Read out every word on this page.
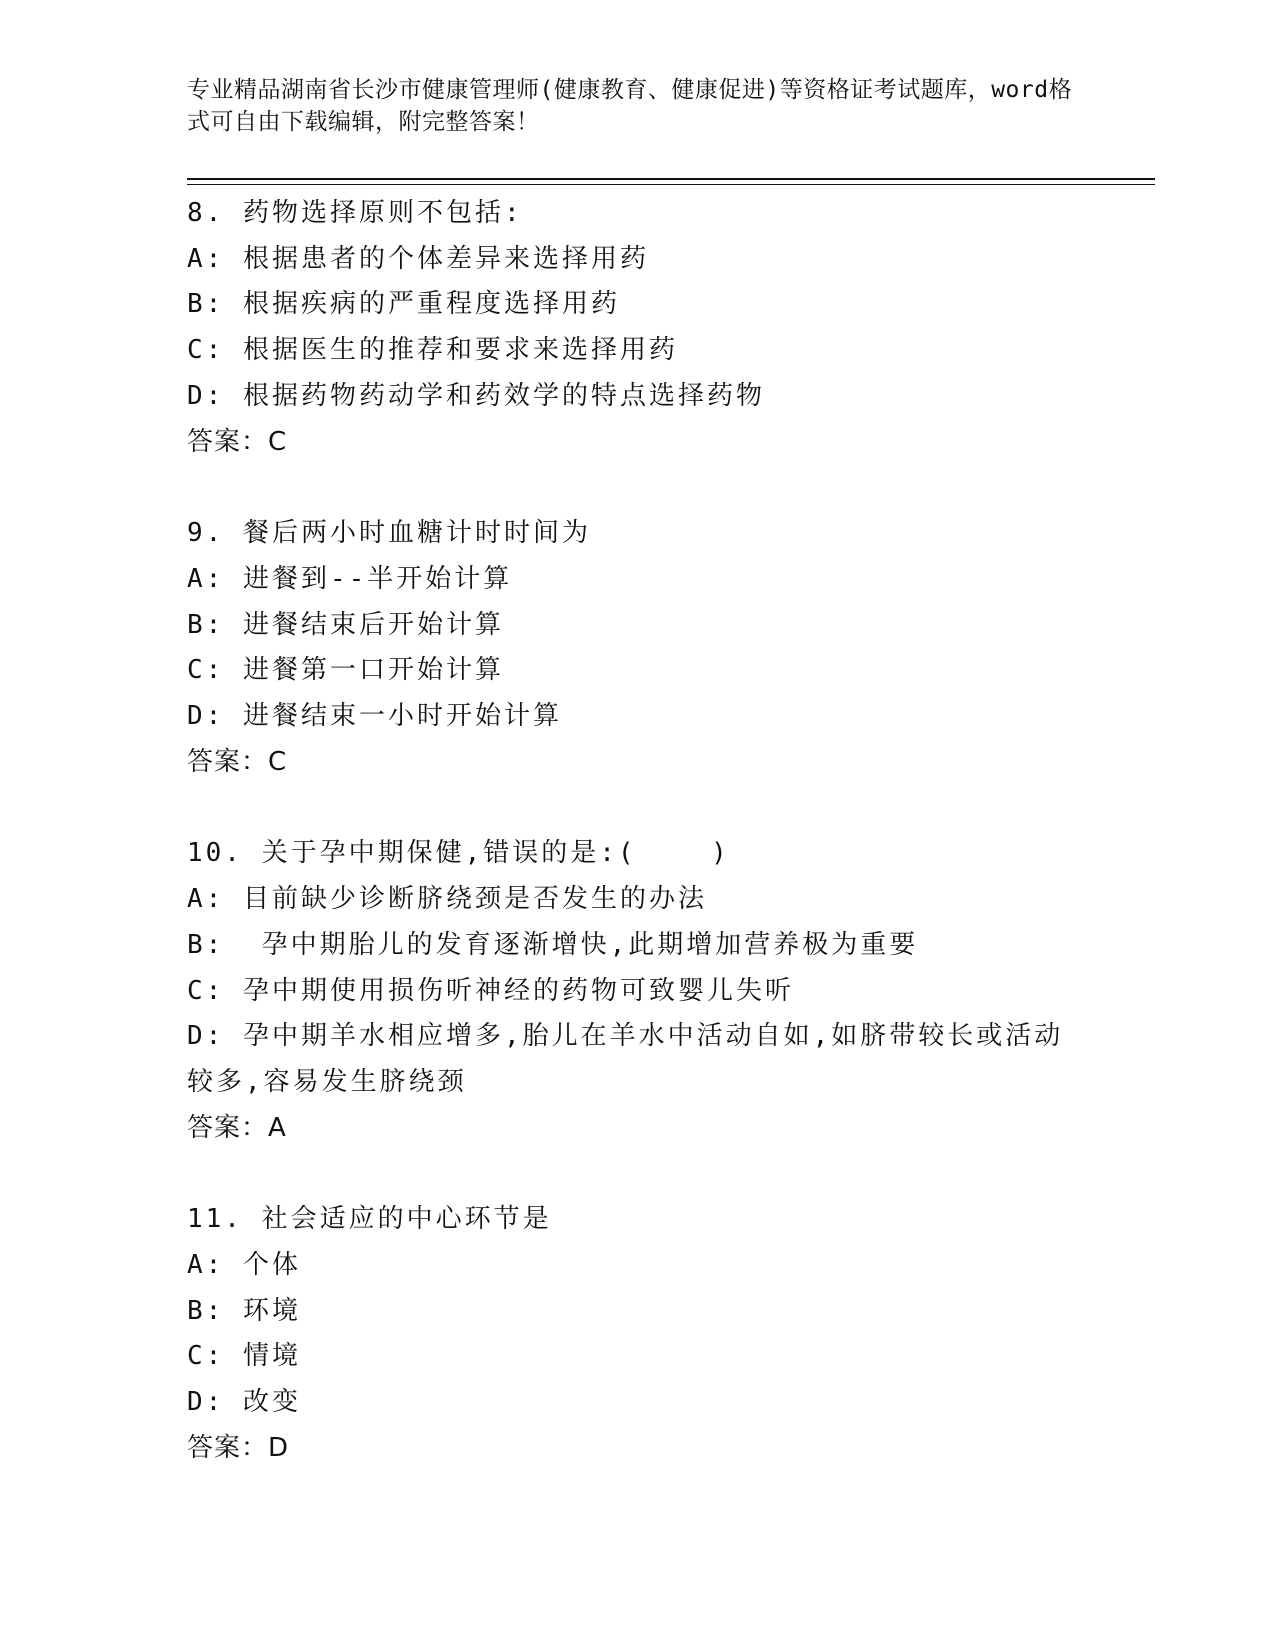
专业精品湖南省长沙市健康管理师(健康教育、健康促进)等资格证考试题库，word格式可自由下载编辑，附完整答案！
8. 药物选择原则不包括:
A: 根据患者的个体差异来选择用药
B: 根据疾病的严重程度选择用药
C: 根据医生的推荐和要求来选择用药
D: 根据药物药动学和药效学的特点选择药物
答案：C
9. 餐后两小时血糖计时时间为
A: 进餐到--半开始计算
B: 进餐结束后开始计算
C: 进餐第一口开始计算
D: 进餐结束一小时开始计算
答案：C
10. 关于孕中期保健,错误的是:(    )
A: 目前缺少诊断脐绕颈是否发生的办法
B:  孕中期胎儿的发育逐渐增快,此期增加营养极为重要
C: 孕中期使用损伤听神经的药物可致婴儿失听
D: 孕中期羊水相应增多,胎儿在羊水中活动自如,如脐带较长或活动较多,容易发生脐绕颈
答案：A
11. 社会适应的中心环节是
A: 个体
B: 环境
C: 情境
D: 改变
答案：D
